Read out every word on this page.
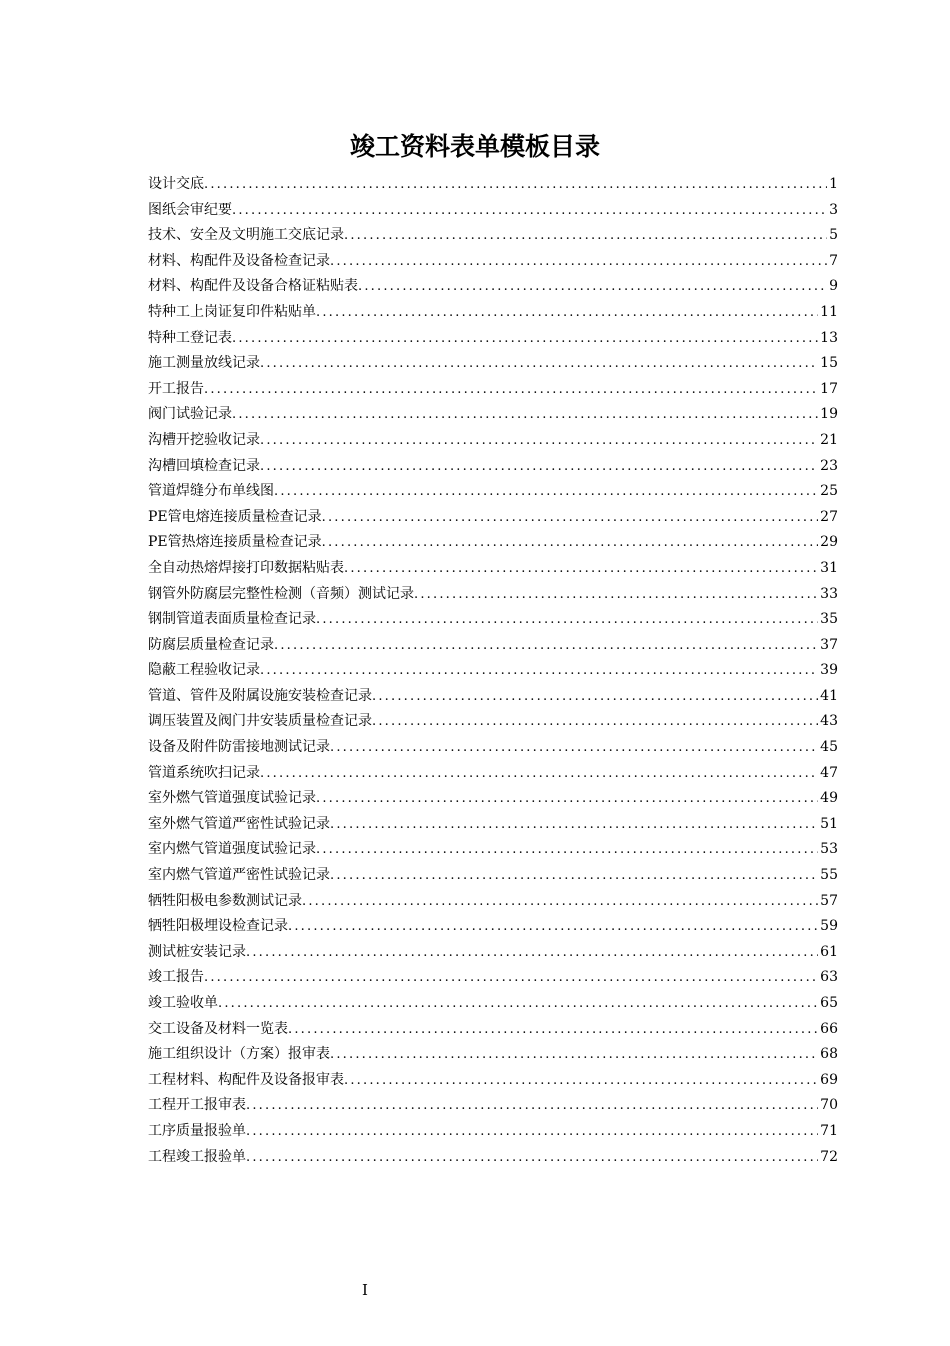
竣工资料表单模板目录
设计交底 .....	1
图纸会审纪要 .....	3
技术、安全及文明施工交底记录 .....	5
材料、构配件及设备检查记录 .....	7
材料、构配件及设备合格证粘贴表 .....	9
特种工上岗证复印件粘贴单 .....	11
特种工登记表 .....	13
施工测量放线记录 .....	15
开工报告 .....	17
阀门试验记录 .....	19
沟槽开挖验收记录 .....	21
沟槽回填检查记录 .....	23
管道焊缝分布单线图 .....	25
PE管电熔连接质量检查记录 .....	27
PE管热熔连接质量检查记录 .....	29
全自动热熔焊接打印数据粘贴表 .....	31
钢管外防腐层完整性检测（音频）测试记录 .....	33
钢制管道表面质量检查记录 .....	35
防腐层质量检查记录 .....	37
隐蔽工程验收记录 .....	39
管道、管件及附属设施安装检查记录 .....	41
调压装置及阀门井安装质量检查记录 .....	43
设备及附件防雷接地测试记录 .....	45
管道系统吹扫记录 .....	47
室外燃气管道强度试验记录 .....	49
室外燃气管道严密性试验记录 .....	51
室内燃气管道强度试验记录 .....	53
室内燃气管道严密性试验记录 .....	55
牺牲阳极电参数测试记录 .....	57
牺牲阳极埋设检查记录 .....	59
测试桩安装记录 .....	61
竣工报告 .....	63
竣工验收单 .....	65
交工设备及材料一览表 .....	66
施工组织设计（方案）报审表 .....	68
工程材料、构配件及设备报审表 .....	69
工程开工报审表 .....	70
工序质量报验单 .....	71
工程竣工报验单 .....	72
I
